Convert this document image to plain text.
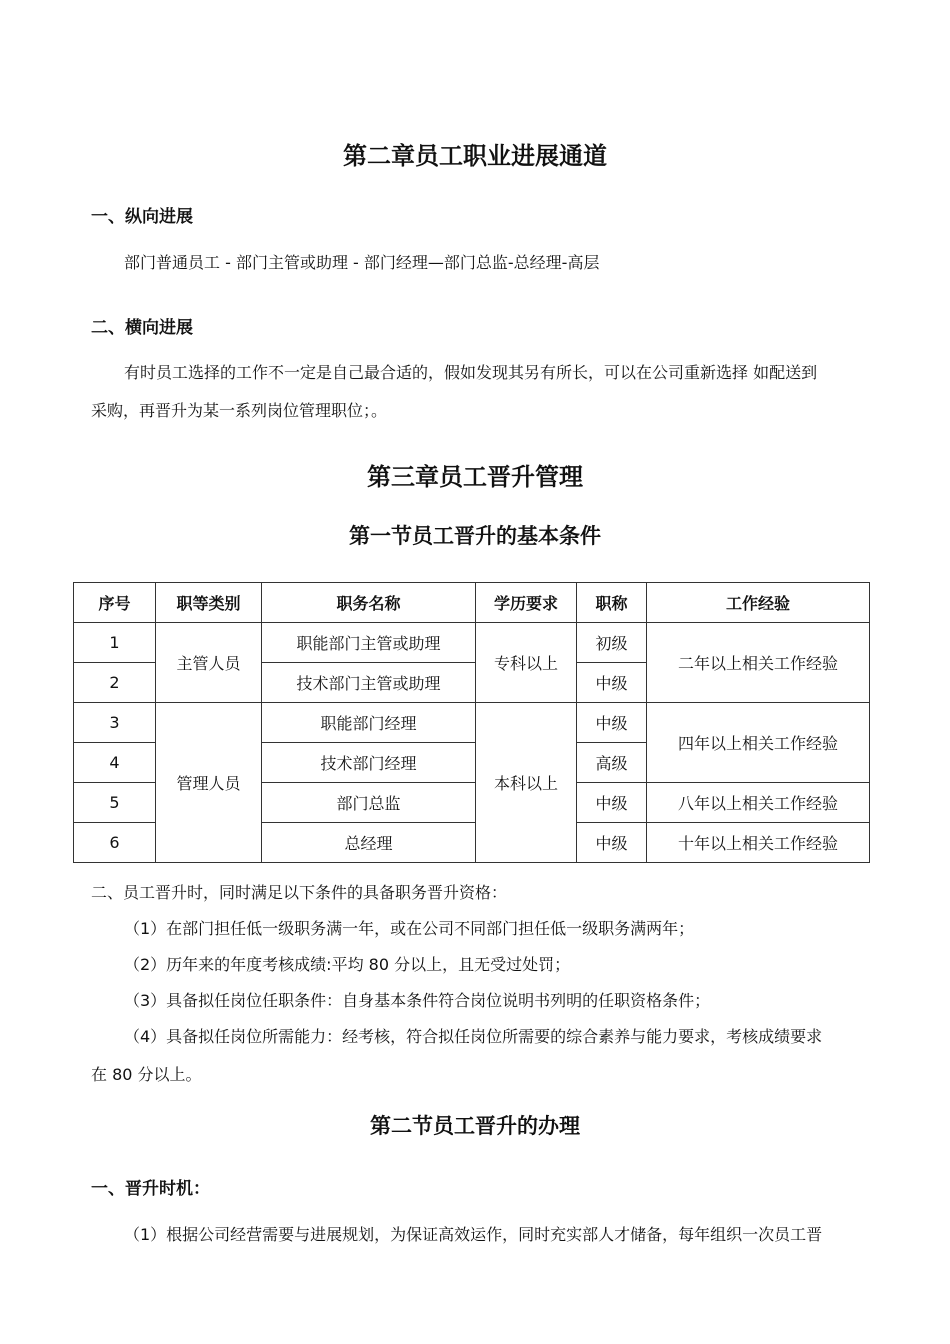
第二章员工职业进展通道
一、纵向进展
部门普通员工 - 部门主管或助理 - 部门经理—部门总监-总经理-高层
二、横向进展
有时员工选择的工作不一定是自己最合适的，假如发现其另有所长，可以在公司重新选择 如配送到
采购，再晋升为某一系列岗位管理职位；。
第三章员工晋升管理
第一节员工晋升的基本条件
序号	职等类别	职务名称	学历要求	职称	工作经验
1	主管人员	职能部门主管或助理	专科以上	初级	二年以上相关工作经验
2		技术部门主管或助理		中级	
3	管理人员	职能部门经理	本科以上	中级	四年以上相关工作经验
4		技术部门经理		高级	
5		部门总监		中级	八年以上相关工作经验
6		总经理		中级	十年以上相关工作经验
二、员工晋升时，同时满足以下条件的具备职务晋升资格：
（1）在部门担任低一级职务满一年，或在公司不同部门担任低一级职务满两年；
（2）历年来的年度考核成绩:平均 80 分以上，且无受过处罚；
（3）具备拟任岗位任职条件：自身基本条件符合岗位说明书列明的任职资格条件；
（4）具备拟任岗位所需能力：经考核，符合拟任岗位所需要的综合素养与能力要求，考核成绩要求
在 80 分以上。
第二节员工晋升的办理
一、晋升时机：
（1）根据公司经营需要与进展规划，为保证高效运作，同时充实部人才储备，每年组织一次员工晋
